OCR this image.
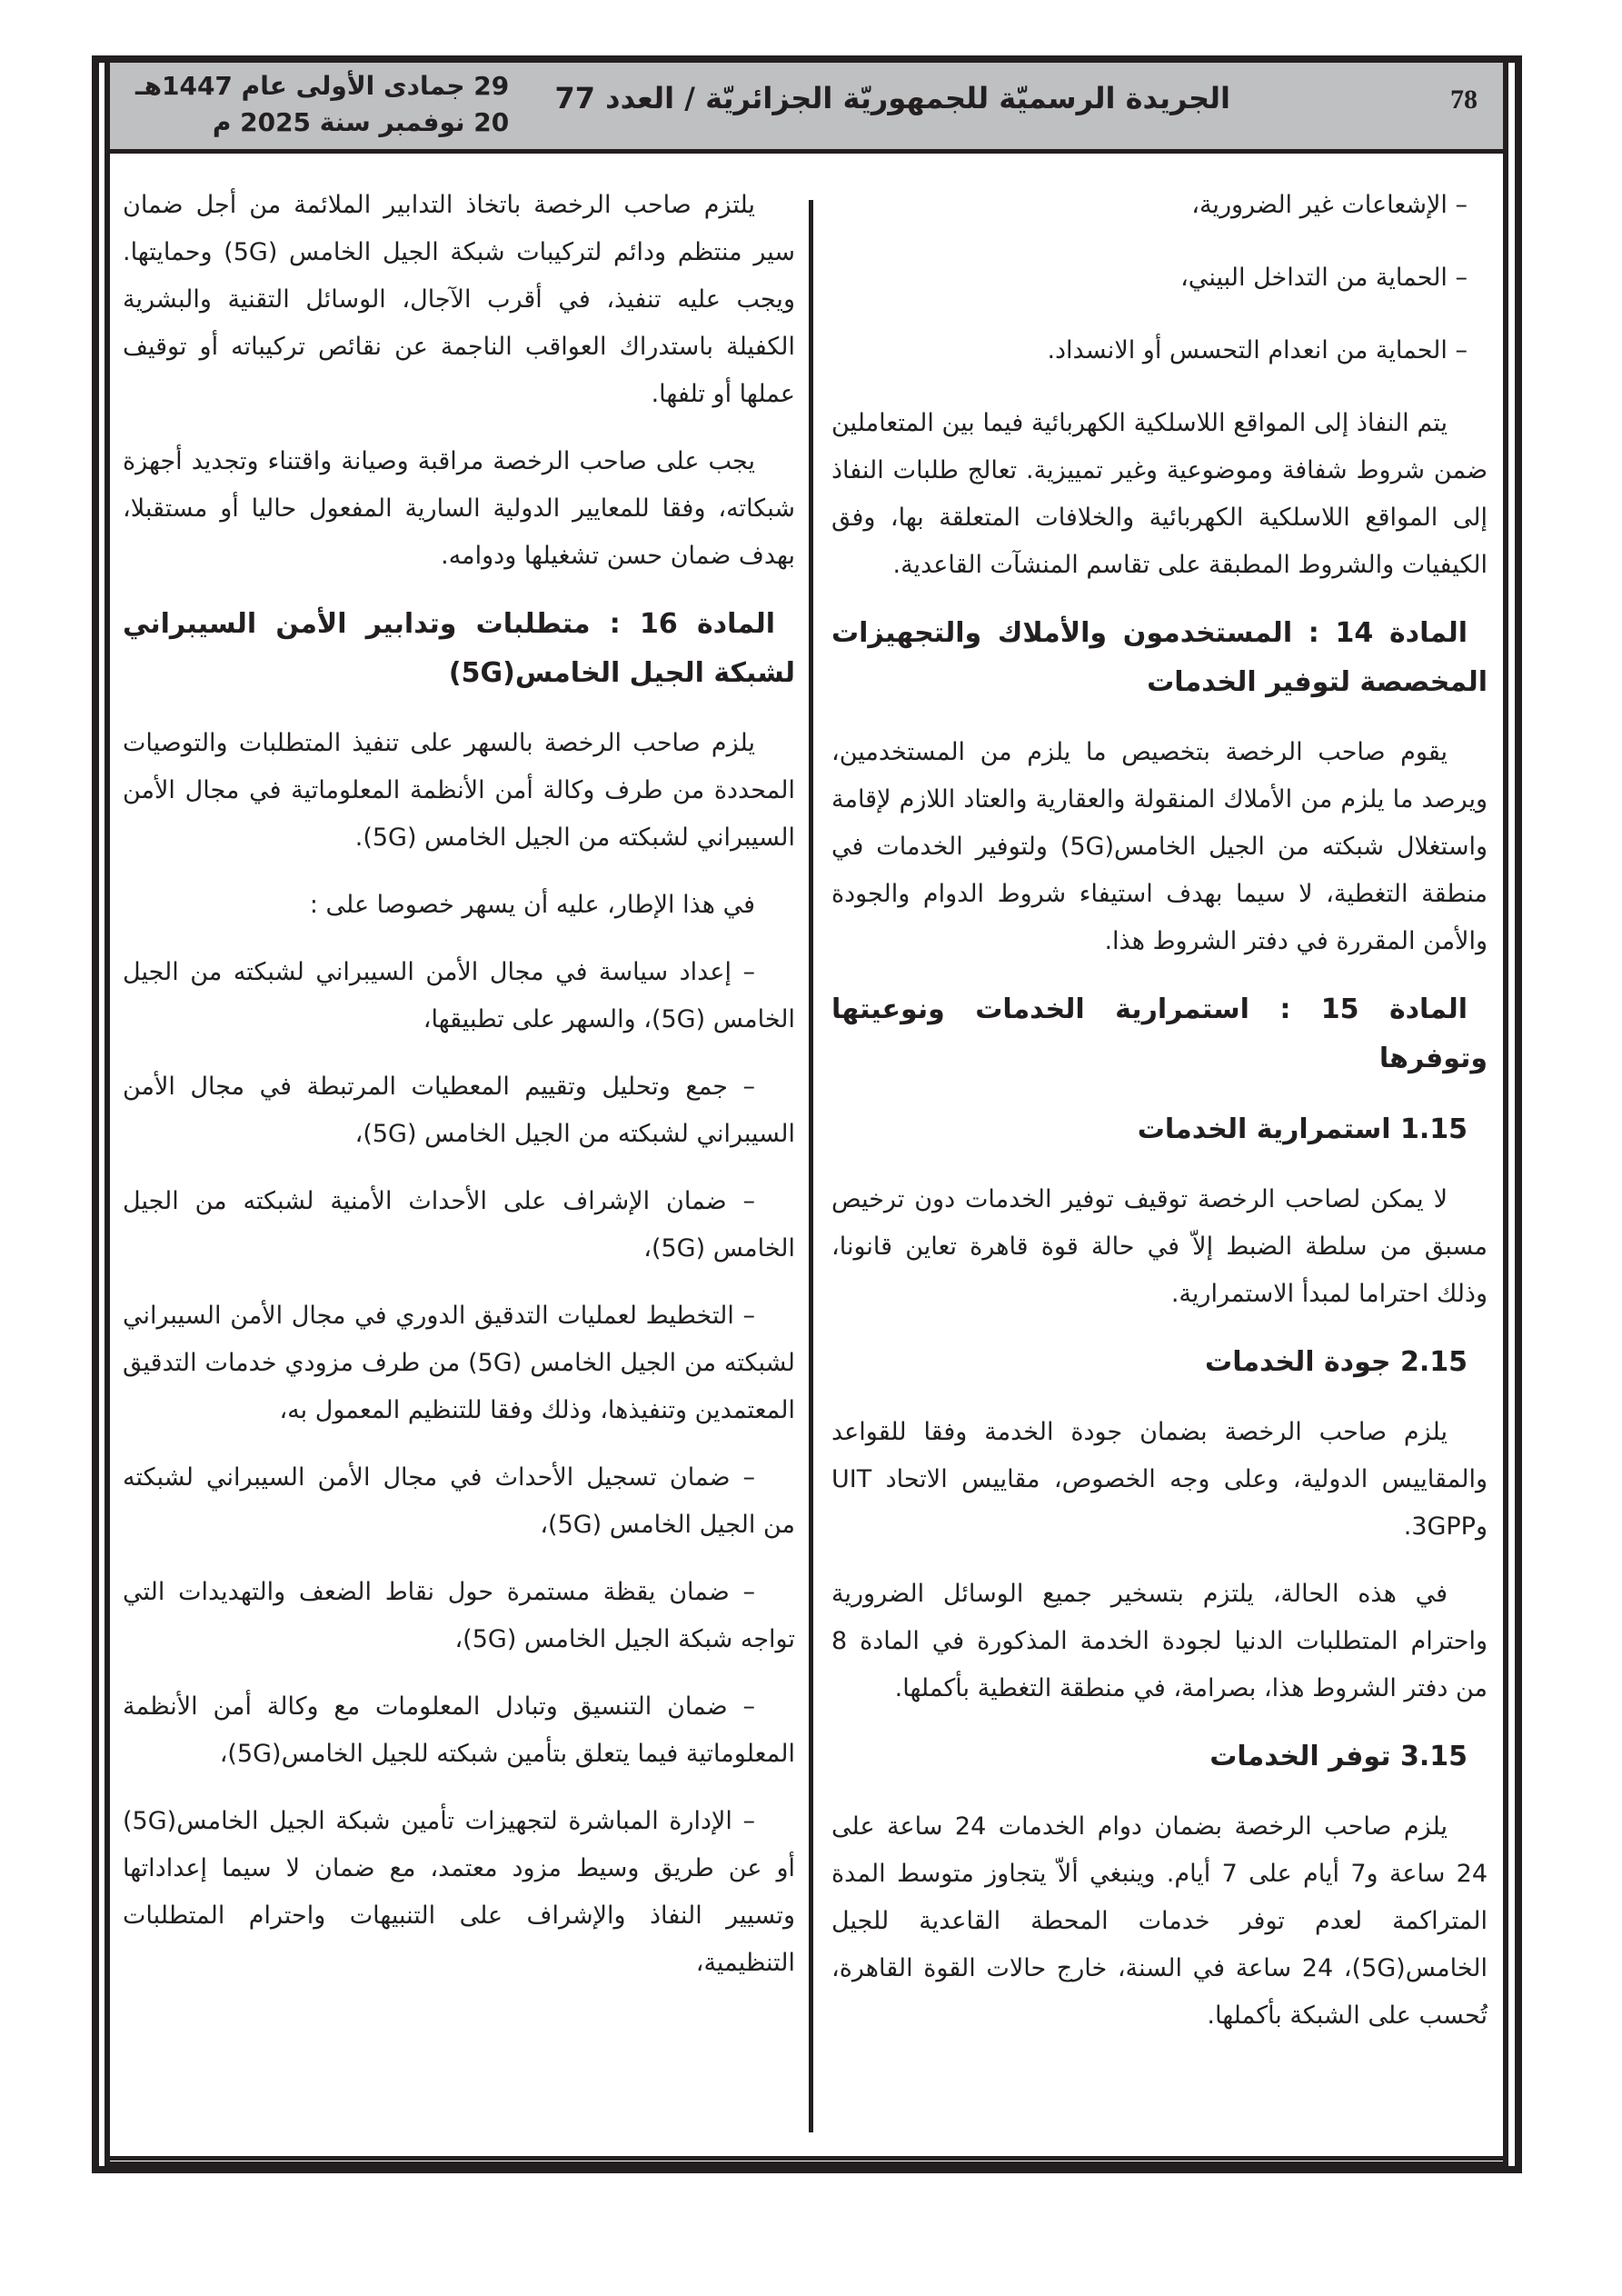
78
الجريدة الرسميّة للجمهوريّة الجزائريّة / العدد 77
29 جمادى الأولى عام 1447هـ
20 نوفمبر سنة 2025 م

– الإشعاعات غير الضرورية،

– الحماية من التداخل البيني،

– الحماية من انعدام التحسس أو الانسداد.

يتم النفاذ إلى المواقع اللاسلكية الكهربائية فيما بين المتعاملين ضمن شروط شفافة وموضوعية وغير تمييزية. تعالج طلبات النفاذ إلى المواقع اللاسلكية الكهربائية والخلافات المتعلقة بها، وفق الكيفيات والشروط المطبقة على تقاسم المنشآت القاعدية.

المادة 14 : المستخدمون والأملاك والتجهيزات المخصصة لتوفير الخدمات

يقوم صاحب الرخصة بتخصيص ما يلزم من المستخدمين، ويرصد ما يلزم من الأملاك المنقولة والعقارية والعتاد اللازم لإقامة واستغلال شبكته من الجيل الخامس(5G) ولتوفير الخدمات في منطقة التغطية، لا سيما بهدف استيفاء شروط الدوام والجودة والأمن المقررة في دفتر الشروط هذا.

المادة 15 : استمرارية الخدمات ونوعيتها وتوفرها

1.15 استمرارية الخدمات

لا يمكن لصاحب الرخصة توقيف توفير الخدمات دون ترخيص مسبق من سلطة الضبط إلاّ في حالة قوة قاهرة تعاين قانونا، وذلك احتراما لمبدأ الاستمرارية.

2.15 جودة الخدمات

يلزم صاحب الرخصة بضمان جودة الخدمة وفقا للقواعد والمقاييس الدولية، وعلى وجه الخصوص، مقاييس الاتحاد UIT و3GPP.

في هذه الحالة، يلتزم بتسخير جميع الوسائل الضرورية واحترام المتطلبات الدنيا لجودة الخدمة المذكورة في المادة 8 من دفتر الشروط هذا، بصرامة، في منطقة التغطية بأكملها.

3.15 توفر الخدمات

يلزم صاحب الرخصة بضمان دوام الخدمات 24 ساعة على 24 ساعة و7 أيام على 7 أيام. وينبغي ألاّ يتجاوز متوسط المدة المتراكمة لعدم توفر خدمات المحطة القاعدية للجيل الخامس(5G)، 24 ساعة في السنة، خارج حالات القوة القاهرة، تُحسب على الشبكة بأكملها.

يلتزم صاحب الرخصة باتخاذ التدابير الملائمة من أجل ضمان سير منتظم ودائم لتركيبات شبكة الجيل الخامس (5G) وحمايتها. ويجب عليه تنفيذ، في أقرب الآجال، الوسائل التقنية والبشرية الكفيلة باستدراك العواقب الناجمة عن نقائص تركيباته أو توقيف عملها أو تلفها.

يجب على صاحب الرخصة مراقبة وصيانة واقتناء وتجديد أجهزة شبكاته، وفقا للمعايير الدولية السارية المفعول حاليا أو مستقبلا، بهدف ضمان حسن تشغيلها ودوامه.

المادة 16 : متطلبات وتدابير الأمن السيبراني لشبكة الجيل الخامس(5G)

يلزم صاحب الرخصة بالسهر على تنفيذ المتطلبات والتوصيات المحددة من طرف وكالة أمن الأنظمة المعلوماتية في مجال الأمن السيبراني لشبكته من الجيل الخامس (5G).

في هذا الإطار، عليه أن يسهر خصوصا على :

– إعداد سياسة في مجال الأمن السيبراني لشبكته من الجيل الخامس (5G)، والسهر على تطبيقها،

– جمع وتحليل وتقييم المعطيات المرتبطة في مجال الأمن السيبراني لشبكته من الجيل الخامس (5G)،

– ضمان الإشراف على الأحداث الأمنية لشبكته من الجيل الخامس (5G)،

– التخطيط لعمليات التدقيق الدوري في مجال الأمن السيبراني لشبكته من الجيل الخامس (5G) من طرف مزودي خدمات التدقيق المعتمدين وتنفيذها، وذلك وفقا للتنظيم المعمول به،

– ضمان تسجيل الأحداث في مجال الأمن السيبراني لشبكته من الجيل الخامس (5G)،

– ضمان يقظة مستمرة حول نقاط الضعف والتهديدات التي تواجه شبكة الجيل الخامس (5G)،

– ضمان التنسيق وتبادل المعلومات مع وكالة أمن الأنظمة المعلوماتية فيما يتعلق بتأمين شبكته للجيل الخامس(5G)،

– الإدارة المباشرة لتجهيزات تأمين شبكة الجيل الخامس(5G) أو عن طريق وسيط مزود معتمد، مع ضمان لا سيما إعداداتها وتسيير النفاذ والإشراف على التنبيهات واحترام المتطلبات التنظيمية،
